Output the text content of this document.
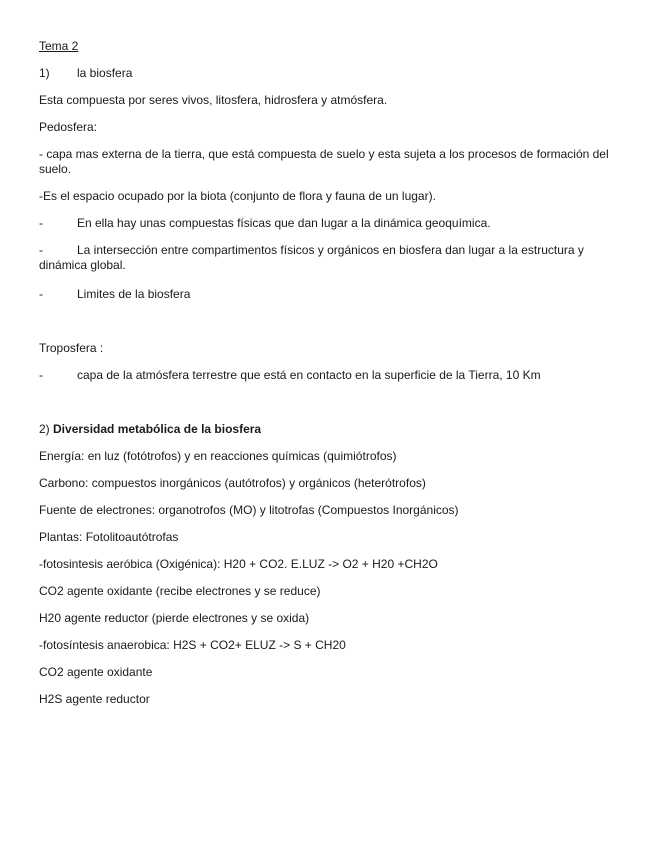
Tema 2
1) la biosfera
Esta compuesta por seres vivos, litosfera, hidrosfera y atmósfera.
Pedosfera:
- capa mas externa de la tierra, que está compuesta de suelo y esta sujeta a los procesos de formación del suelo.
-Es el espacio ocupado por la biota (conjunto de flora y fauna de un lugar).
-	En ella hay unas compuestas físicas que dan lugar a la dinámica geoquímica.
-	La intersección entre compartimentos físicos y orgánicos en biosfera dan lugar a la estructura y dinámica global.
-	Limites de la biosfera
Troposfera :
-	capa de la atmósfera terrestre que está en contacto en la superficie de la Tierra, 10 Km
2) Diversidad metabólica de la biosfera
Energía: en luz (fotótrofos) y en reacciones químicas (quimiótrofos)
Carbono: compuestos inorgánicos (autótrofos) y orgánicos (heterótrofos)
Fuente de electrones: organotrofos (MO) y litotrofas (Compuestos Inorgánicos)
Plantas: Fotolitoautótrofas
-fotosintesis aeróbica (Oxigénica): H20 + CO2. E.LUZ -> O2 + H20 +CH2O
CO2 agente oxidante (recibe electrones y se reduce)
H20 agente reductor (pierde electrones y se oxida)
-fotosíntesis anaerobica: H2S + CO2+ ELUZ -> S + CH20
CO2 agente oxidante
H2S agente reductor
